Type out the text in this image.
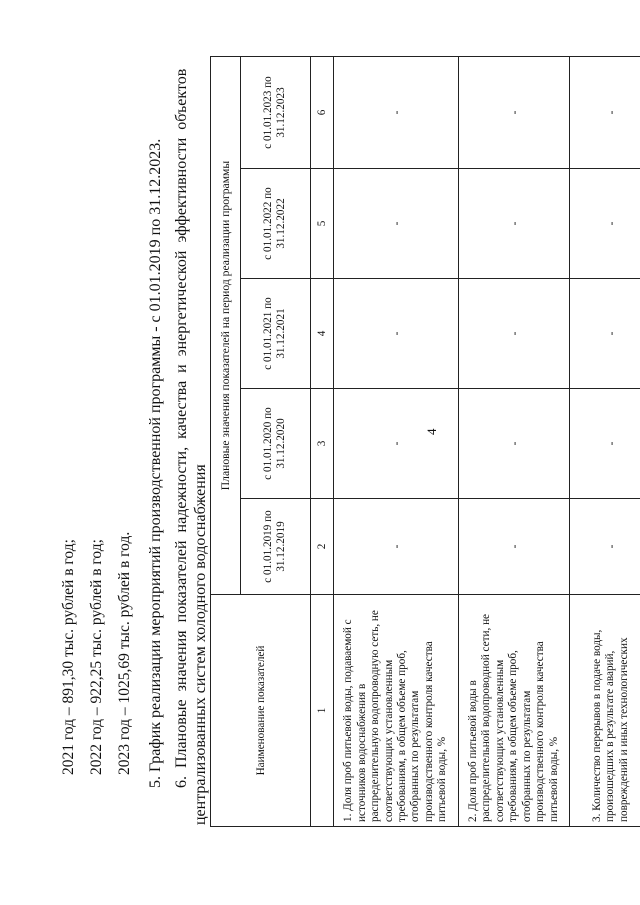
4
2021 год – 891,30 тыс. рублей в год; 2022 год – 922,25 тыс. рублей в год; 2023 год – 1025,69 тыс. рублей в год. 5. График реализации мероприятий производственной программы - с 01.01.2019 по 31.12.2023. 6. Плановые значения показателей надежности, качества и энергетической эффективности объектов централизованных систем холодного водоснабжения	Наименование показателей	Плановые значения показателей на период реализации программы				
	с 01.01.2019 по 31.12.2019	с 01.01.2020 по 31.12.2020	с 01.01.2021 по 31.12.2021	с 01.01.2022 по 31.12.2022	с 01.01.2023 по 31.12.2023
1	2	3	4	5	6
1. Доля проб питьевой воды, подаваемой с источников водоснабжения в распределительную водопроводную сеть, не соответствующих установленным требованиям, в общем объеме проб, отобранных по результатам производственного контроля качества питьевой воды, %	-	-	-	-	-
2. Доля проб питьевой воды в распределительной водопроводной сети, не соответствующих установленным требованиям, в общем объеме проб, отобранных по результатам производственного контроля качества питьевой воды, %	-	-	-	-	-
3. Количество перерывов в подаче воды, произошедших в результате аварий, повреждений и иных технологических	-	-	-	-	-
